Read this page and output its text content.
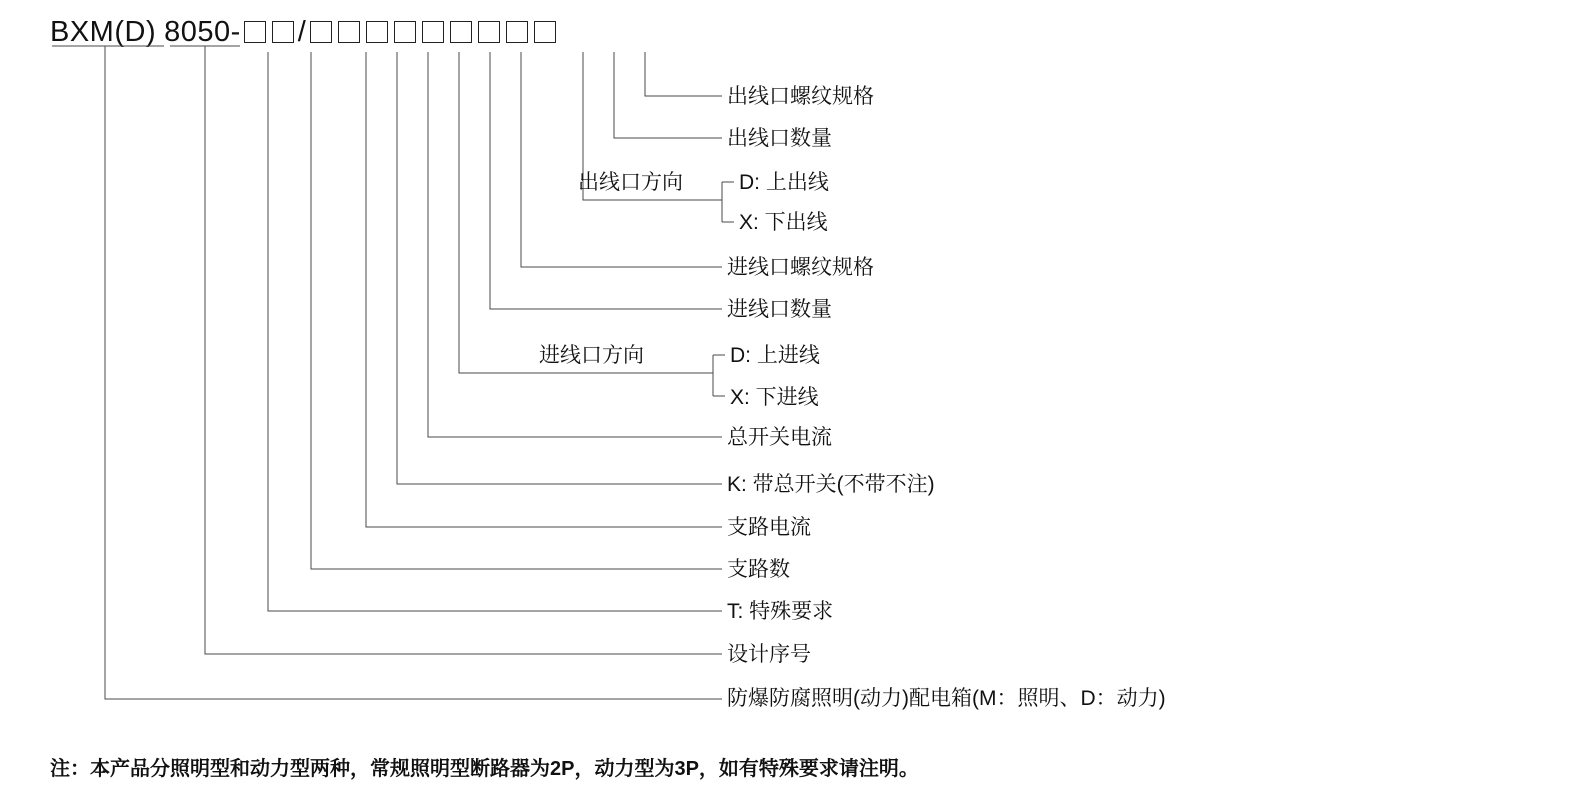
BXM(D) 8050- /
出线口螺纹规格
出线口数量
出线口方向	D: 上出线
X: 下出线
进线口螺纹规格
进线口数量
进线口方向	D: 上进线
X: 下进线
总开关电流
K: 带总开关(不带不注)
支路电流
支路数
T: 特殊要求
设计序号
防爆防腐照明(动力)配电箱(M：照明、D：动力)
注：本产品分照明型和动力型两种，常规照明型断路器为2P，动力型为3P，如有特殊要求请注明。
